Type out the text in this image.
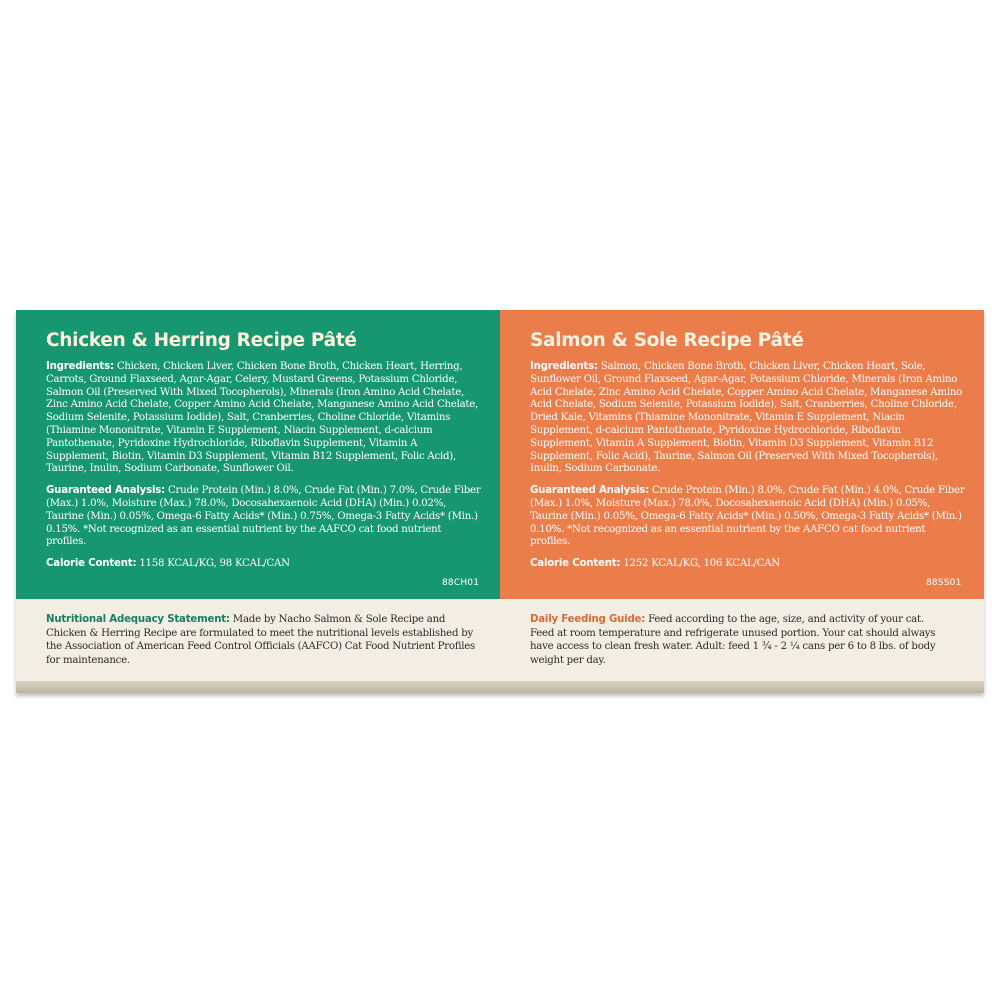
Chicken & Herring Recipe Pâté

Ingredients: Chicken, Chicken Liver, Chicken Bone Broth, Chicken Heart, Herring, Carrots, Ground Flaxseed, Agar-Agar, Celery, Mustard Greens, Potassium Chloride, Salmon Oil (Preserved With Mixed Tocopherols), Minerals (Iron Amino Acid Chelate, Zinc Amino Acid Chelate, Copper Amino Acid Chelate, Manganese Amino Acid Chelate, Sodium Selenite, Potassium Iodide), Salt, Cranberries, Choline Chloride, Vitamins (Thiamine Mononitrate, Vitamin E Supplement, Niacin Supplement, d-calcium Pantothenate, Pyridoxine Hydrochloride, Riboflavin Supplement, Vitamin A Supplement, Biotin, Vitamin D3 Supplement, Vitamin B12 Supplement, Folic Acid), Taurine, Inulin, Sodium Carbonate, Sunflower Oil.

Guaranteed Analysis: Crude Protein (Min.) 8.0%, Crude Fat (Min.) 7.0%, Crude Fiber (Max.) 1.0%, Moisture (Max.) 78.0%, Docosahexaenoic Acid (DHA) (Min.) 0.02%, Taurine (Min.) 0.05%, Omega-6 Fatty Acids* (Min.) 0.75%, Omega-3 Fatty Acids* (Min.) 0.15%. *Not recognized as an essential nutrient by the AAFCO cat food nutrient profiles.

Calorie Content: 1158 KCAL/KG, 98 KCAL/CAN

88CH01
Salmon & Sole Recipe Pâté

Ingredients: Salmon, Chicken Bone Broth, Chicken Liver, Chicken Heart, Sole, Sunflower Oil, Ground Flaxseed, Agar-Agar, Potassium Chloride, Minerals (Iron Amino Acid Chelate, Zinc Amino Acid Chelate, Copper Amino Acid Chelate, Manganese Amino Acid Chelate, Sodium Selenite, Potassium Iodide), Salt, Cranberries, Choline Chloride, Dried Kale, Vitamins (Thiamine Mononitrate, Vitamin E Supplement, Niacin Supplement, d-calcium Pantothenate, Pyridoxine Hydrochloride, Riboflavin Supplement, Vitamin A Supplement, Biotin, Vitamin D3 Supplement, Vitamin B12 Supplement, Folic Acid), Taurine, Salmon Oil (Preserved With Mixed Tocopherols), Inulin, Sodium Carbonate.

Guaranteed Analysis: Crude Protein (Min.) 8.0%, Crude Fat (Min.) 4.0%, Crude Fiber (Max.) 1.0%, Moisture (Max.) 78.0%, Docosahexaenoic Acid (DHA) (Min.) 0.05%, Taurine (Min.) 0.05%, Omega-6 Fatty Acids* (Min.) 0.50%, Omega-3 Fatty Acids* (Min.) 0.10%. *Not recognized as an essential nutrient by the AAFCO cat food nutrient profiles.

Calorie Content: 1252 KCAL/KG, 106 KCAL/CAN

88SS01

Nutritional Adequacy Statement: Made by Nacho Salmon & Sole Recipe and Chicken & Herring Recipe are formulated to meet the nutritional levels established by the Association of American Feed Control Officials (AAFCO) Cat Food Nutrient Profiles for maintenance.

Daily Feeding Guide: Feed according to the age, size, and activity of your cat. Feed at room temperature and refrigerate unused portion. Your cat should always have access to clean fresh water. Adult: feed 1 ¾ - 2 ¼ cans per 6 to 8 lbs. of body weight per day.
